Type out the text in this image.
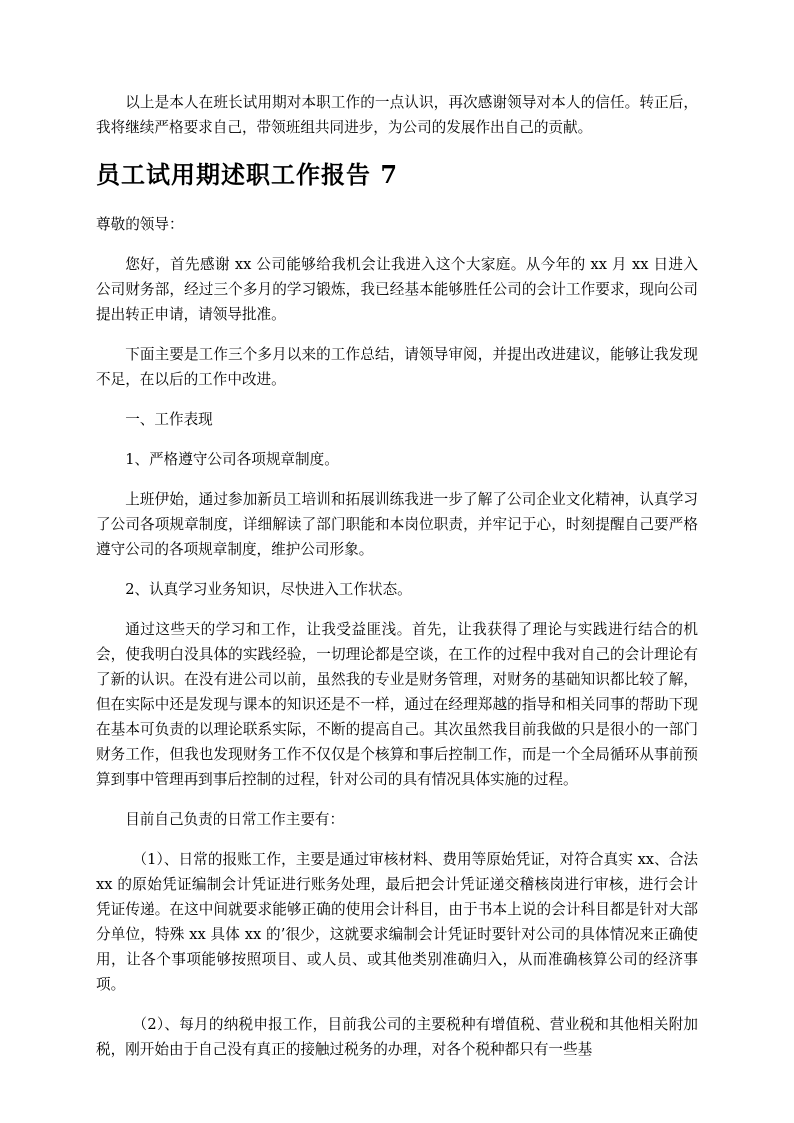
以上是本人在班长试用期对本职工作的一点认识，再次感谢领导对本人的信任。转正后，我将继续严格要求自己，带领班组共同进步，为公司的发展作出自己的贡献。

员工试用期述职工作报告 7

尊敬的领导：

您好，首先感谢 xx 公司能够给我机会让我进入这个大家庭。从今年的 xx 月 xx 日进入公司财务部，经过三个多月的学习锻炼，我已经基本能够胜任公司的会计工作要求，现向公司提出转正申请，请领导批准。

下面主要是工作三个多月以来的工作总结，请领导审阅，并提出改进建议，能够让我发现不足，在以后的工作中改进。

一、工作表现

1、严格遵守公司各项规章制度。

上班伊始，通过参加新员工培训和拓展训练我进一步了解了公司企业文化精神，认真学习了公司各项规章制度，详细解读了部门职能和本岗位职责，并牢记于心，时刻提醒自己要严格遵守公司的各项规章制度，维护公司形象。

2、认真学习业务知识，尽快进入工作状态。

通过这些天的学习和工作，让我受益匪浅。首先，让我获得了理论与实践进行结合的机会，使我明白没具体的实践经验，一切理论都是空谈，在工作的过程中我对自己的会计理论有了新的认识。在没有进公司以前，虽然我的专业是财务管理，对财务的基础知识都比较了解，但在实际中还是发现与课本的知识还是不一样，通过在经理郑越的指导和相关同事的帮助下现在基本可负责的以理论联系实际，不断的提高自己。其次虽然我目前我做的只是很小的一部门财务工作，但我也发现财务工作不仅仅是个核算和事后控制工作，而是一个全局循环从事前预算到事中管理再到事后控制的过程，针对公司的具有情况具体实施的过程。

目前自己负责的日常工作主要有：

（1）、日常的报账工作，主要是通过审核材料、费用等原始凭证，对符合真实 xx、合法 xx 的原始凭证编制会计凭证进行账务处理，最后把会计凭证递交稽核岗进行审核，进行会计凭证传递。在这中间就要求能够正确的使用会计科目，由于书本上说的会计科目都是针对大部分单位，特殊 xx 具体 xx 的’很少，这就要求编制会计凭证时要针对公司的具体情况来正确使用，让各个事项能够按照项目、或人员、或其他类别准确归入，从而准确核算公司的经济事项。

（2）、每月的纳税申报工作，目前我公司的主要税种有增值税、营业税和其他相关附加税，刚开始由于自己没有真正的接触过税务的办理，对各个税种都只有一些基
